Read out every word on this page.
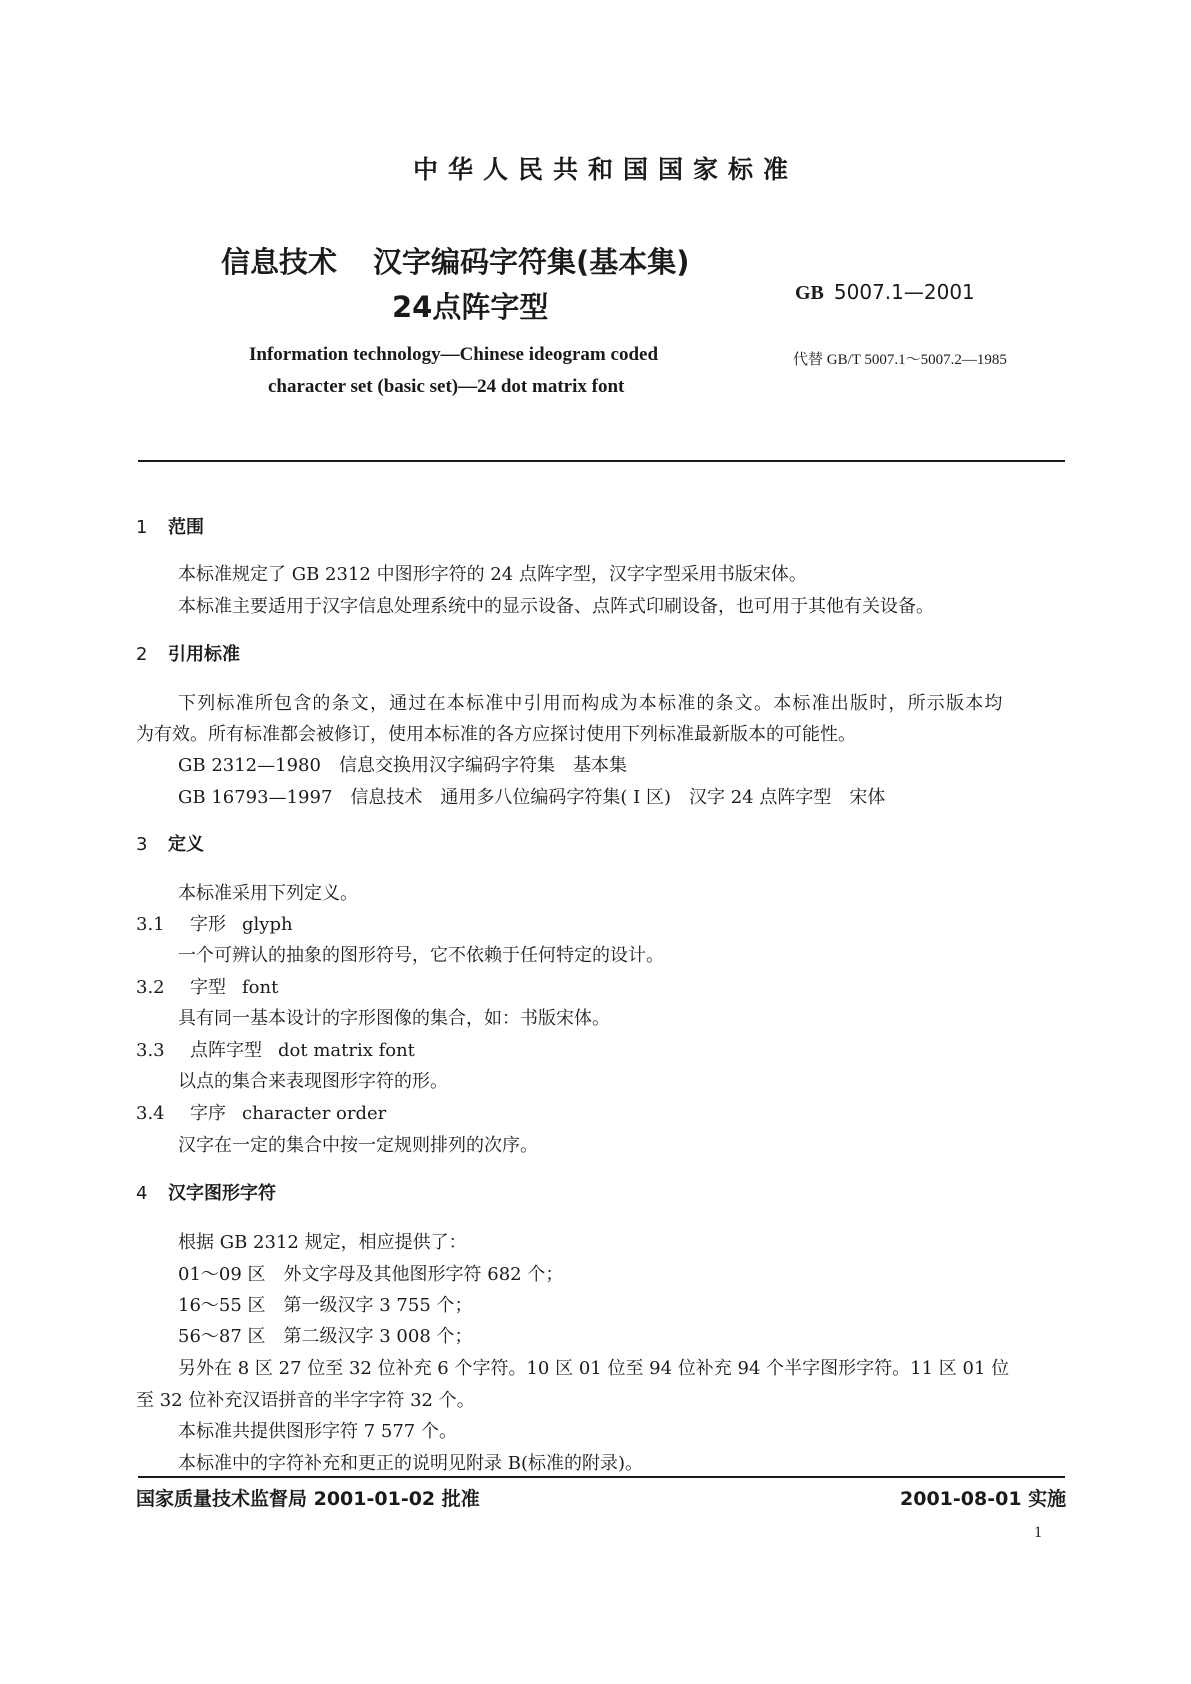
中华人民共和国国家标准
信息技术 汉字编码字符集(基本集)
24点阵字型	GB 5007.1—2001
Information technology—Chinese ideogram coded
character set (basic set)—24 dot matrix font
代替 GB/T 5007.1～5007.2—1985
1 范围
本标准规定了 GB 2312 中图形字符的 24 点阵字型，汉字字型采用书版宋体。
本标准主要适用于汉字信息处理系统中的显示设备、点阵式印刷设备，也可用于其他有关设备。
2 引用标准
下列标准所包含的条文，通过在本标准中引用而构成为本标准的条文。本标准出版时，所示版本均
为有效。所有标准都会被修订，使用本标准的各方应探讨使用下列标准最新版本的可能性。
GB 2312—1980　信息交换用汉字编码字符集　基本集
GB 16793—1997　信息技术　通用多八位编码字符集( I 区)　汉字 24 点阵字型　宋体
3 定义
本标准采用下列定义。
3.1 字形 glyph
一个可辨认的抽象的图形符号，它不依赖于任何特定的设计。
3.2 字型 font
具有同一基本设计的字形图像的集合，如：书版宋体。
3.3 点阵字型 dot matrix font
以点的集合来表现图形字符的形。
3.4 字序 character order
汉字在一定的集合中按一定规则排列的次序。
4 汉字图形字符
根据 GB 2312 规定，相应提供了：
01～09 区　外文字母及其他图形字符 682 个；
16～55 区　第一级汉字 3 755 个；
56～87 区　第二级汉字 3 008 个；
另外在 8 区 27 位至 32 位补充 6 个字符。10 区 01 位至 94 位补充 94 个半字图形字符。11 区 01 位
至 32 位补充汉语拼音的半字字符 32 个。
本标准共提供图形字符 7 577 个。
本标准中的字符补充和更正的说明见附录 B(标准的附录)。
国家质量技术监督局 2001-01-02 批准	2001-08-01 实施
1
